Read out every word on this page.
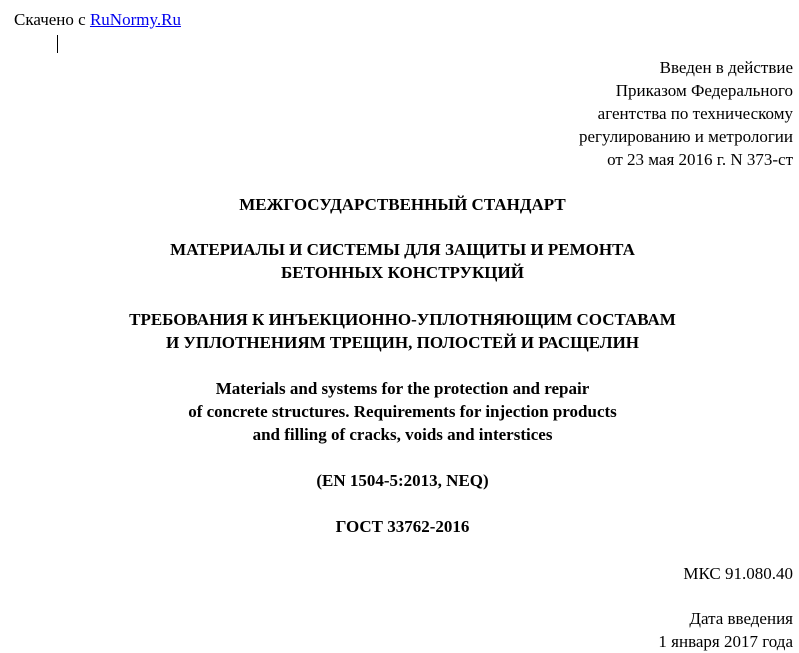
Скачено с RuNormy.Ru
Введен в действие
Приказом Федерального
агентства по техническому
регулированию и метрологии
от 23 мая 2016 г. N 373-ст
МЕЖГОСУДАРСТВЕННЫЙ СТАНДАРТ
МАТЕРИАЛЫ И СИСТЕМЫ ДЛЯ ЗАЩИТЫ И РЕМОНТА
БЕТОННЫХ КОНСТРУКЦИЙ
ТРЕБОВАНИЯ К ИНЪЕКЦИОННО-УПЛОТНЯЮЩИМ СОСТАВАМ
И УПЛОТНЕНИЯМ ТРЕЩИН, ПОЛОСТЕЙ И РАСЩЕЛИН
Materials and systems for the protection and repair
of concrete structures. Requirements for injection products
and filling of cracks, voids and interstices
(EN 1504-5:2013, NEQ)
ГОСТ 33762-2016
МКС 91.080.40
Дата введения
1 января 2017 года
